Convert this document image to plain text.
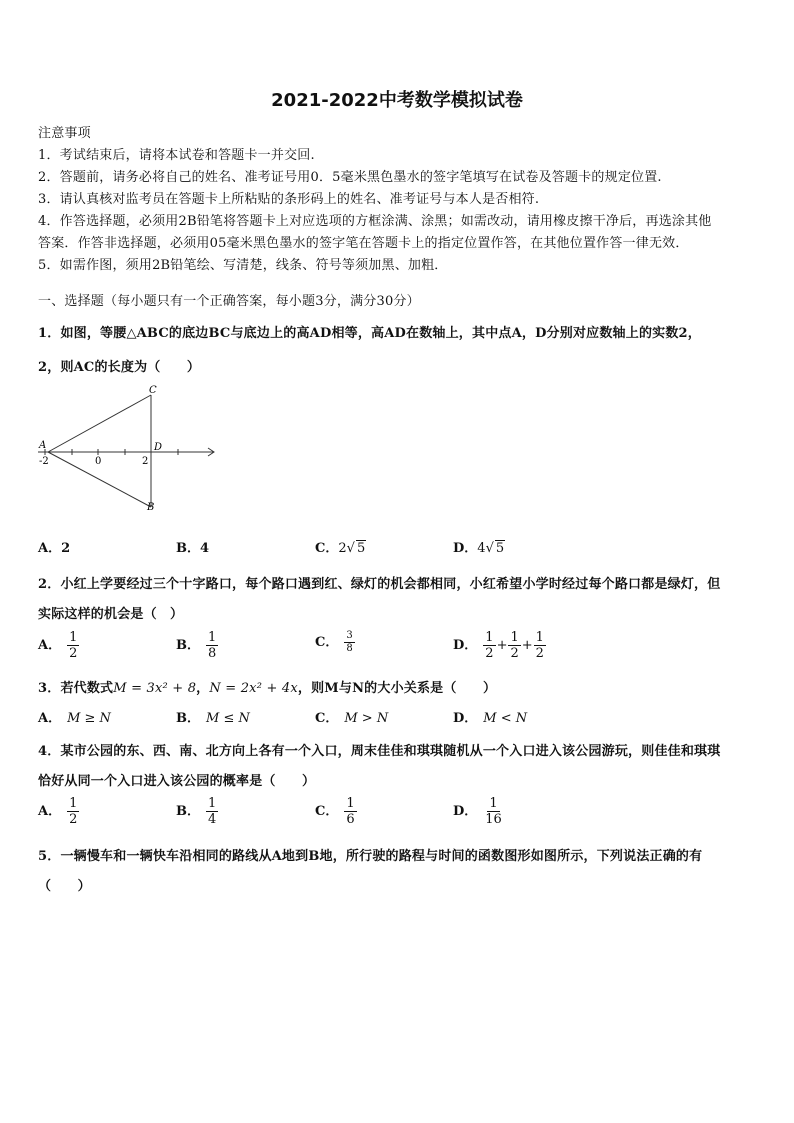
2021-2022中考数学模拟试卷
注意事项
1．考试结束后，请将本试卷和答题卡一并交回.
2．答题前，请务必将自己的姓名、准考证号用0．5毫米黑色墨水的签字笔填写在试卷及答题卡的规定位置.
3．请认真核对监考员在答题卡上所粘贴的条形码上的姓名、准考证号与本人是否相符.
4．作答选择题，必须用2B铅笔将答题卡上对应选项的方框涂满、涂黑；如需改动，请用橡皮擦干净后，再选涂其他
答案．作答非选择题，必须用05毫米黑色墨水的签字笔在答题卡上的指定位置作答，在其他位置作答一律无效．
5．如需作图，须用2B铅笔绘、写清楚，线条、符号等须加黑、加粗．
一、选择题（每小题只有一个正确答案，每小题3分，满分30分）
1．如图，等腰△ABC的底边BC与底边上的高AD相等，高AD在数轴上，其中点A，D分别对应数轴上的实数2，
2，则AC的长度为（　　）
A
C
D
B
-2	0	2
A．2	B．4	C．2√ 5	D．4√ 5
2．小红上学要经过三个十字路口，每个路口遇到红、绿灯的机会都相同，小红希望小学时经过每个路口都是绿灯，但
实际这样的机会是（　）
A． $\frac{1}{2}$	B． $\frac{1}{8}$	C． $\frac{3}{8}$	D． $\frac{1}{2} + \frac{1}{2} + \frac{1}{2}$
3．若代数式M = 3x² + 8，N = 2x² + 4x，则M与N的大小关系是（　　）
A． M ≥ N	B． M ≤ N	C． M > N	D． M < N
4．某市公园的东、西、南、北方向上各有一个入口，周末佳佳和琪琪随机从一个入口进入该公园游玩，则佳佳和琪琪
恰好从同一个入口进入该公园的概率是（　　）
A． $\frac{1}{2}$	B． $\frac{1}{4}$	C． $\frac{1}{6}$	D． $\frac{1}{16}$
5．一辆慢车和一辆快车沿相同的路线从A地到B地，所行驶的路程与时间的函数图形如图所示，下列说法正确的有
（　　）
